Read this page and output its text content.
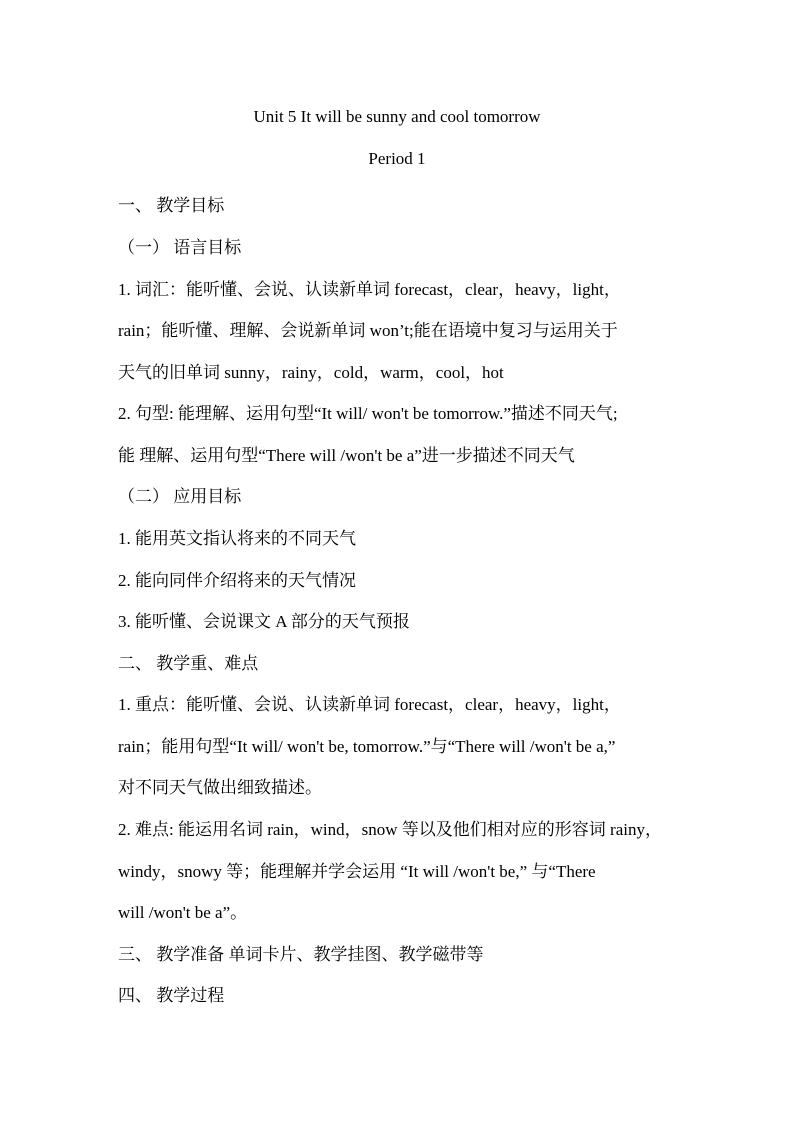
Unit 5 It will be sunny and cool tomorrow
Period 1
一、 教学目标
（一） 语言目标
1. 词汇：能听懂、会说、认读新单词 forecast，clear，heavy，light，
rain；能听懂、理解、会说新单词 won’t;能在语境中复习与运用关于
天气的旧单词 sunny，rainy，cold，warm，cool，hot
2. 句型: 能理解、运用句型“It will/ won't be tomorrow.”描述不同天气;
能 理解、运用句型“There will /won't be a”进一步描述不同天气
（二） 应用目标
1. 能用英文指认将来的不同天气
2. 能向同伴介绍将来的天气情况
3. 能听懂、会说课文 A 部分的天气预报
二、 教学重、难点
1. 重点：能听懂、会说、认读新单词 forecast，clear，heavy，light，
rain；能用句型“It will/ won't be, tomorrow.”与“There will /won't be a,”
对不同天气做出细致描述。
2. 难点: 能运用名词 rain，wind，snow 等以及他们相对应的形容词 rainy，
windy，snowy 等；能理解并学会运用 “It will /won't be,” 与“There
will /won't be a”。
三、 教学准备 单词卡片、教学挂图、教学磁带等
四、 教学过程
